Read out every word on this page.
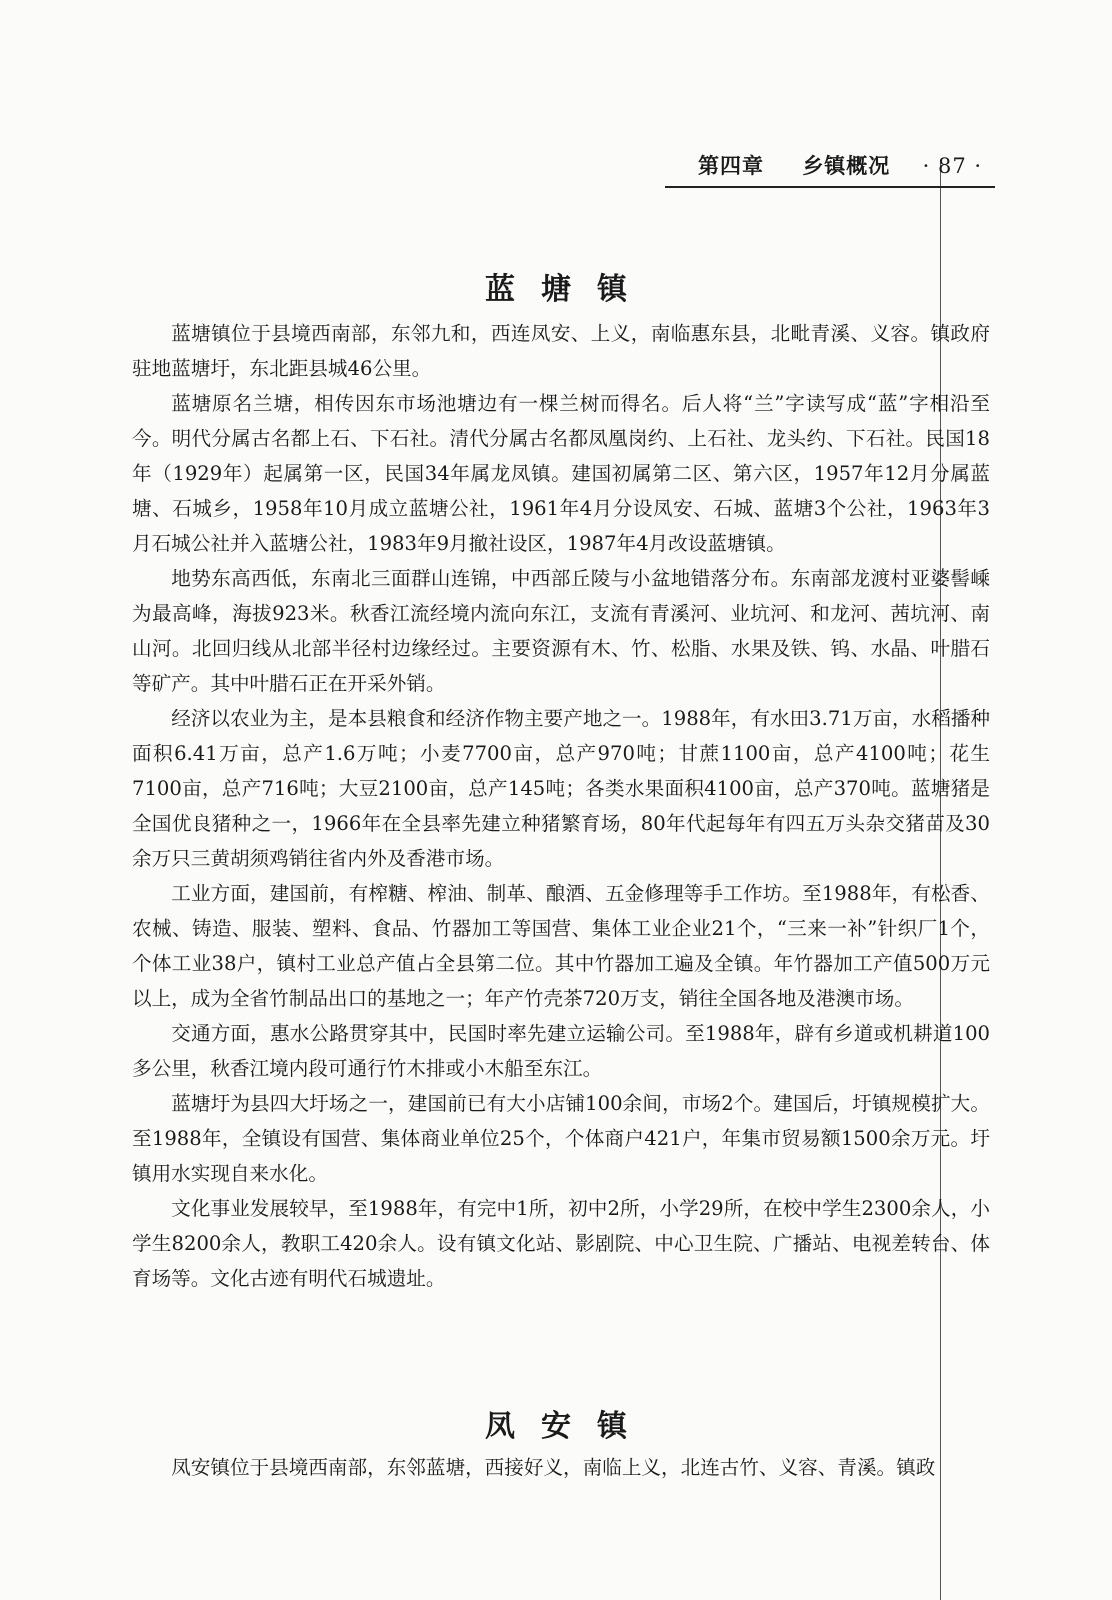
第四章 乡镇概况 · 87 ·
蓝塘镇

蓝塘镇位于县境西南部，东邻九和，西连凤安、上义，南临惠东县，北毗青溪、义容。镇政府驻地蓝塘圩，东北距县城46公里。

蓝塘原名兰塘，相传因东市场池塘边有一棵兰树而得名。后人将“兰”字读写成“蓝”字相沿至今。明代分属古名都上石、下石社。清代分属古名都凤凰岗约、上石社、龙头约、下石社。民国18年（1929年）起属第一区，民国34年属龙凤镇。建国初属第二区、第六区，1957年12月分属蓝塘、石城乡，1958年10月成立蓝塘公社，1961年4月分设凤安、石城、蓝塘3个公社，1963年3月石城公社并入蓝塘公社，1983年9月撤社设区，1987年4月改设蓝塘镇。

地势东高西低，东南北三面群山连锦，中西部丘陵与小盆地错落分布。东南部龙渡村亚婆髻嵊为最高峰，海拔923米。秋香江流经境内流向东江，支流有青溪河、业坑河、和龙河、茜坑河、南山河。北回归线从北部半径村边缘经过。主要资源有木、竹、松脂、水果及铁、钨、水晶、叶腊石等矿产。其中叶腊石正在开采外销。

经济以农业为主，是本县粮食和经济作物主要产地之一。1988年，有水田3.71万亩，水稻播种面积6.41万亩，总产1.6万吨；小麦7700亩，总产970吨；甘蔗1100亩，总产4100吨；花生7100亩，总产716吨；大豆2100亩，总产145吨；各类水果面积4100亩，总产370吨。蓝塘猪是全国优良猪种之一，1966年在全县率先建立种猪繁育场，80年代起每年有四五万头杂交猪苗及30余万只三黄胡须鸡销往省内外及香港市场。

工业方面，建国前，有榨糖、榨油、制革、酿酒、五金修理等手工作坊。至1988年，有松香、农械、铸造、服装、塑料、食品、竹器加工等国营、集体工业企业21个，“三来一补”针织厂1个，个体工业38户，镇村工业总产值占全县第二位。其中竹器加工遍及全镇。年竹器加工产值500万元以上，成为全省竹制品出口的基地之一；年产竹壳茶720万支，销往全国各地及港澳市场。

交通方面，惠水公路贯穿其中，民国时率先建立运输公司。至1988年，辟有乡道或机耕道100多公里，秋香江境内段可通行竹木排或小木船至东江。

蓝塘圩为县四大圩场之一，建国前已有大小店铺100余间，市场2个。建国后，圩镇规模扩大。至1988年，全镇设有国营、集体商业单位25个，个体商户421户，年集市贸易额1500余万元。圩镇用水实现自来水化。

文化事业发展较早，至1988年，有完中1所，初中2所，小学29所，在校中学生2300余人，小学生8200余人，教职工420余人。设有镇文化站、影剧院、中心卫生院、广播站、电视差转台、体育场等。文化古迹有明代石城遗址。

凤安镇

凤安镇位于县境西南部，东邻蓝塘，西接好义，南临上义，北连古竹、义容、青溪。镇政
